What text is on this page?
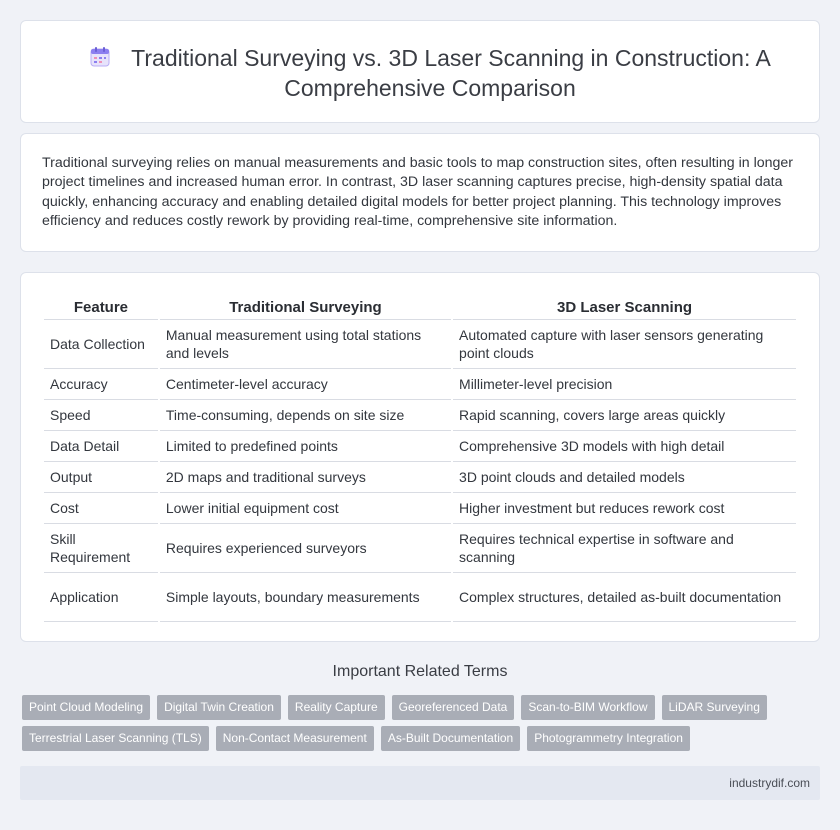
Traditional Surveying vs. 3D Laser Scanning in Construction: A Comprehensive Comparison

Traditional surveying relies on manual measurements and basic tools to map construction sites, often resulting in longer project timelines and increased human error. In contrast, 3D laser scanning captures precise, high-density spatial data quickly, enhancing accuracy and enabling detailed digital models for better project planning. This technology improves efficiency and reduces costly rework by providing real-time, comprehensive site information.

Feature	Traditional Surveying	3D Laser Scanning
Data Collection	Manual measurement using total stations and levels	Automated capture with laser sensors generating point clouds
Accuracy	Centimeter-level accuracy	Millimeter-level precision
Speed	Time-consuming, depends on site size	Rapid scanning, covers large areas quickly
Data Detail	Limited to predefined points	Comprehensive 3D models with high detail
Output	2D maps and traditional surveys	3D point clouds and detailed models
Cost	Lower initial equipment cost	Higher investment but reduces rework cost
Skill Requirement	Requires experienced surveyors	Requires technical expertise in software and scanning
Application	Simple layouts, boundary measurements	Complex structures, detailed as-built documentation
Important Related Terms
Point Cloud Modeling	Digital Twin Creation	Reality Capture	Georeferenced Data	Scan-to-BIM Workflow	LiDAR Surveying
Terrestrial Laser Scanning (TLS)	Non-Contact Measurement	As-Built Documentation	Photogrammetry Integration
industrydif.com
